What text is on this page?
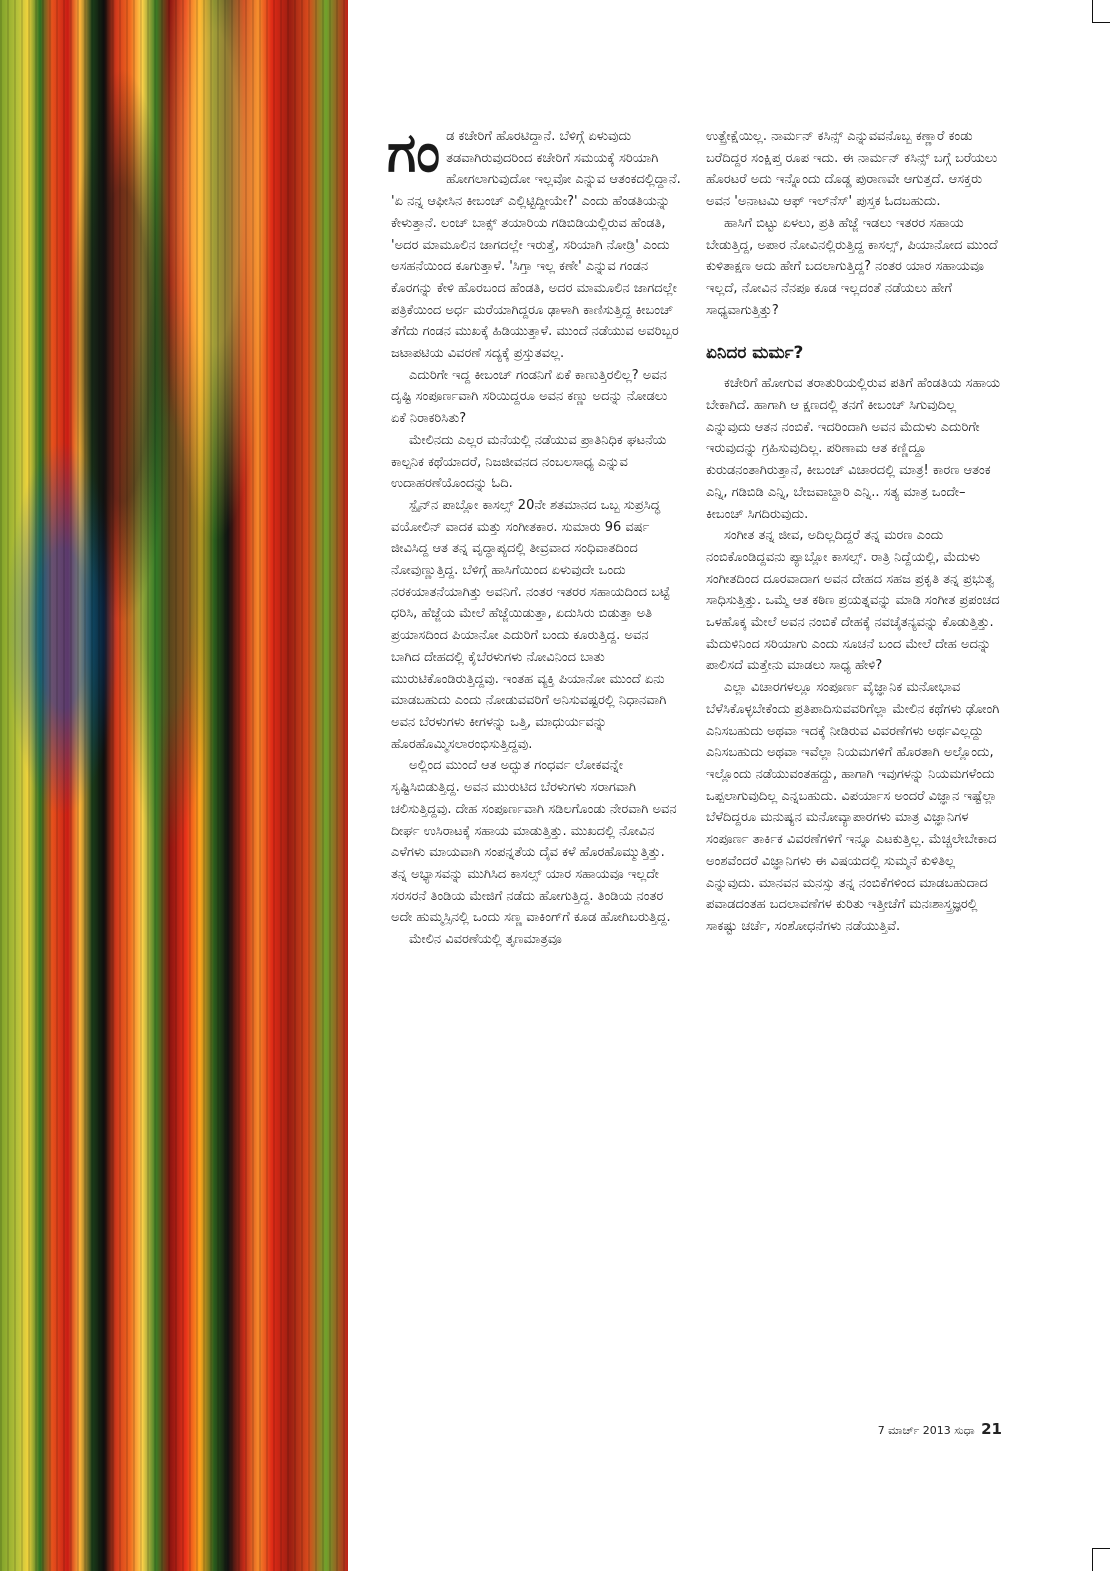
ಗಂಡ ಕಚೇರಿಗೆ ಹೊರಟಿದ್ದಾನೆ. ಬೆಳಿಗ್ಗೆ ಏಳುವುದು ತಡವಾಗಿರುವುದರಿಂದ ಕಚೇರಿಗೆ ಸಮಯಕ್ಕೆ ಸರಿಯಾಗಿ ಹೋಗಲಾಗುವುದೋ ಇಲ್ಲವೋ ಎನ್ನುವ ಆತಂಕದಲ್ಲಿದ್ದಾನೆ. 'ಏ ನನ್ನ ಆಫೀಸಿನ ಕೀಬಂಚ್ ಎಲ್ಲಿಟ್ಟಿದ್ದೀಯೇ?' ಎಂದು ಹೆಂಡತಿಯನ್ನು ಕೇಳುತ್ತಾನೆ. ಲಂಚ್ ಬಾಕ್ಸ್ ತಯಾರಿಯ ಗಡಿಬಿಡಿಯಲ್ಲಿರುವ ಹೆಂಡತಿ, 'ಅದರ ಮಾಮೂಲಿನ ಜಾಗದಲ್ಲೇ ಇರುತ್ತೆ, ಸರಿಯಾಗಿ ನೋಡ್ರಿ' ಎಂದು ಅಸಹನೆಯಿಂದ ಕೂಗುತ್ತಾಳೆ. 'ಸಿಗ್ತಾ ಇಲ್ಲ ಕಣೇ' ಎನ್ನುವ ಗಂಡನ ಕೊರಗನ್ನು ಕೇಳಿ ಹೊರಬಂದ ಹೆಂಡತಿ, ಅದರ ಮಾಮೂಲಿನ ಜಾಗದಲ್ಲೇ ಪತ್ರಿಕೆಯಿಂದ ಅರ್ಧ ಮರೆಯಾಗಿದ್ದರೂ ಢಾಳಾಗಿ ಕಾಣಿಸುತ್ತಿದ್ದ ಕೀಬಂಚ್ ತೆಗೆದು ಗಂಡನ ಮುಖಕ್ಕೆ ಹಿಡಿಯುತ್ತಾಳೆ. ಮುಂದೆ ನಡೆಯುವ ಅವರಿಬ್ಬರ ಜಟಾಪಟಿಯ ವಿವರಣೆ ಸದ್ಯಕ್ಕೆ ಪ್ರಸ್ತುತವಲ್ಲ.

ಎದುರಿಗೇ ಇದ್ದ ಕೀಬಂಚ್ ಗಂಡನಿಗೆ ಏಕೆ ಕಾಣುತ್ತಿರಲಿಲ್ಲ? ಅವನ ದೃಷ್ಟಿ ಸಂಪೂರ್ಣವಾಗಿ ಸರಿಯಿದ್ದರೂ ಅವನ ಕಣ್ಣು ಅದನ್ನು ನೋಡಲು ಏಕೆ ನಿರಾಕರಿಸಿತು?

ಮೇಲಿನದು ಎಲ್ಲರ ಮನೆಯಲ್ಲಿ ನಡೆಯುವ ಪ್ರಾತಿನಿಧಿಕ ಘಟನೆಯ ಕಾಲ್ಪನಿಕ ಕಥೆಯಾದರೆ, ನಿಜಜೀವನದ ನಂಬಲಸಾಧ್ಯ ಎನ್ನುವ ಉದಾಹರಣೆಯೊಂದನ್ನು ಓದಿ.

ಸ್ಪೈನ್‌ನ ಪಾಬ್ಲೋ ಕಾಸಲ್ಸ್ 20ನೇ ಶತಮಾನದ ಒಬ್ಬ ಸುಪ್ರಸಿದ್ಧ ವಯೋಲಿನ್ ವಾದಕ ಮತ್ತು ಸಂಗೀತಕಾರ. ಸುಮಾರು 96 ವರ್ಷ ಜೀವಿಸಿದ್ದ ಆತ ತನ್ನ ವೃದ್ಧಾಪ್ಯದಲ್ಲಿ ತೀವ್ರವಾದ ಸಂಧಿವಾತದಿಂದ ನೋವುಣ್ಣುತ್ತಿದ್ದ. ಬೆಳಿಗ್ಗೆ ಹಾಸಿಗೆಯಿಂದ ಏಳುವುದೇ ಒಂದು ನರಕಯಾತನೆಯಾಗಿತ್ತು ಅವನಿಗೆ. ನಂತರ ಇತರರ ಸಹಾಯದಿಂದ ಬಟ್ಟೆ ಧರಿಸಿ, ಹೆಜ್ಜೆಯ ಮೇಲೆ ಹೆಜ್ಜೆಯಿಡುತ್ತಾ, ಏದುಸಿರು ಬಿಡುತ್ತಾ ಅತಿ ಪ್ರಯಾಸದಿಂದ ಪಿಯಾನೋ ಎದುರಿಗೆ ಬಂದು ಕೂರುತ್ತಿದ್ದ. ಅವನ ಬಾಗಿದ ದೇಹದಲ್ಲಿ ಕೈಬೆರಳುಗಳು ನೋವಿನಿಂದ ಬಾತು ಮುರುಟಿಕೊಂಡಿರುತ್ತಿದ್ದವು. ಇಂತಹ ವ್ಯಕ್ತಿ ಪಿಯಾನೋ ಮುಂದೆ ಏನು ಮಾಡಬಹುದು ಎಂದು ನೋಡುವವರಿಗೆ ಅನಿಸುವಷ್ಟರಲ್ಲಿ ನಿಧಾನವಾಗಿ ಅವನ ಬೆರಳುಗಳು ಕೀಗಳನ್ನು ಒತ್ತಿ, ಮಾಧುರ್ಯವನ್ನು ಹೊರಹೊಮ್ಮಿಸಲಾರಂಭಿಸುತ್ತಿದ್ದವು.

ಅಲ್ಲಿಂದ ಮುಂದೆ ಆತ ಅದ್ಭುತ ಗಂಧರ್ವ ಲೋಕವನ್ನೇ ಸೃಷ್ಟಿಸಿಬಿಡುತ್ತಿದ್ದ. ಅವನ ಮುರುಟಿದ ಬೆರಳುಗಳು ಸರಾಗವಾಗಿ ಚಲಿಸುತ್ತಿದ್ದವು. ದೇಹ ಸಂಪೂರ್ಣವಾಗಿ ಸಡಿಲಗೊಂಡು ನೇರವಾಗಿ ಅವನ ದೀರ್ಘ ಉಸಿರಾಟಕ್ಕೆ ಸಹಾಯ ಮಾಡುತ್ತಿತ್ತು. ಮುಖದಲ್ಲಿ ನೋವಿನ ಎಳೆಗಳು ಮಾಯವಾಗಿ ಸಂಪನ್ನತೆಯ ದೈವ ಕಳೆ ಹೊರಹೊಮ್ಮುತ್ತಿತ್ತು. ತನ್ನ ಅಭ್ಯಾಸವನ್ನು ಮುಗಿಸಿದ ಕಾಸಲ್ಸ್ ಯಾರ ಸಹಾಯವೂ ಇಲ್ಲದೇ ಸರಸರನೆ ತಿಂಡಿಯ ಮೇಜಿಗೆ ನಡೆದು ಹೋಗುತ್ತಿದ್ದ. ತಿಂಡಿಯ ನಂತರ ಅದೇ ಹುಮ್ಮಸ್ಸಿನಲ್ಲಿ ಒಂದು ಸಣ್ಣ ವಾಕಿಂಗ್‌ಗೆ ಕೂಡ ಹೋಗಿಬರುತ್ತಿದ್ದ.

ಮೇಲಿನ ವಿವರಣೆಯಲ್ಲಿ ತೃಣಮಾತ್ರವೂ

ಉತ್ಪ್ರೇಕ್ಷೆಯಿಲ್ಲ. ನಾರ್ಮನ್ ಕಸಿನ್ಸ್ ಎನ್ನುವವನೊಬ್ಬ ಕಣ್ಣಾರೆ ಕಂಡು ಬರೆದಿದ್ದರ ಸಂಕ್ಷಿಪ್ತ ರೂಪ ಇದು. ಈ ನಾರ್ಮನ್ ಕಸಿನ್ಸ್ ಬಗ್ಗೆ ಬರೆಯಲು ಹೊರಟರೆ ಅದು ಇನ್ನೊಂದು ದೊಡ್ಡ ಪುರಾಣವೇ ಆಗುತ್ತದೆ. ಆಸಕ್ತರು ಅವನ 'ಅನಾಟಮಿ ಆಫ್ ಇಲ್‌ನೆಸ್' ಪುಸ್ತಕ ಓದಬಹುದು.

ಹಾಸಿಗೆ ಬಿಟ್ಟು ಏಳಲು, ಪ್ರತಿ ಹೆಜ್ಜೆ ಇಡಲು ಇತರರ ಸಹಾಯ ಬೇಡುತ್ತಿದ್ದ, ಅಪಾರ ನೋವಿನಲ್ಲಿರುತ್ತಿದ್ದ ಕಾಸಲ್ಸ್, ಪಿಯಾನೋದ ಮುಂದೆ ಕುಳಿತಾಕ್ಷಣ ಅದು ಹೇಗೆ ಬದಲಾಗುತ್ತಿದ್ದ? ನಂತರ ಯಾರ ಸಹಾಯವೂ ಇಲ್ಲದೆ, ನೋವಿನ ನೆನಪೂ ಕೂಡ ಇಲ್ಲದಂತೆ ನಡೆಯಲು ಹೇಗೆ ಸಾಧ್ಯವಾಗುತ್ತಿತ್ತು?

ಏನಿದರ ಮರ್ಮ?

ಕಚೇರಿಗೆ ಹೋಗುವ ತರಾತುರಿಯಲ್ಲಿರುವ ಪತಿಗೆ ಹೆಂಡತಿಯ ಸಹಾಯ ಬೇಕಾಗಿದೆ. ಹಾಗಾಗಿ ಆ ಕ್ಷಣದಲ್ಲಿ ತನಗೆ ಕೀಬಂಚ್ ಸಿಗುವುದಿಲ್ಲ ಎನ್ನುವುದು ಆತನ ನಂಬಿಕೆ. ಇದರಿಂದಾಗಿ ಅವನ ಮೆದುಳು ಎದುರಿಗೇ ಇರುವುದನ್ನು ಗ್ರಹಿಸುವುದಿಲ್ಲ. ಪರಿಣಾಮ ಆತ ಕಣ್ಣಿದ್ದೂ ಕುರುಡನಂತಾಗಿರುತ್ತಾನೆ, ಕೀಬಂಚ್ ವಿಚಾರದಲ್ಲಿ ಮಾತ್ರ! ಕಾರಣ ಆತಂಕ ಎನ್ನಿ, ಗಡಿಬಿಡಿ ಎನ್ನಿ, ಬೇಜವಾಬ್ದಾರಿ ಎನ್ನಿ.. ಸತ್ಯ ಮಾತ್ರ ಒಂದೇ– ಕೀಬಂಚ್ ಸಿಗದಿರುವುದು.

ಸಂಗೀತ ತನ್ನ ಜೀವ, ಅದಿಲ್ಲದಿದ್ದರೆ ತನ್ನ ಮರಣ ಎಂದು ನಂಬಿಕೊಂಡಿದ್ದವನು ಪ್ಯಾಬ್ಲೋ ಕಾಸಲ್ಸ್. ರಾತ್ರಿ ನಿದ್ದೆಯಲ್ಲಿ, ಮೆದುಳು ಸಂಗೀತದಿಂದ ದೂರವಾದಾಗ ಅವನ ದೇಹದ ಸಹಜ ಪ್ರಕೃತಿ ತನ್ನ ಪ್ರಭುತ್ವ ಸಾಧಿಸುತ್ತಿತ್ತು. ಒಮ್ಮೆ ಆತ ಕಠಿಣ ಪ್ರಯತ್ನವನ್ನು ಮಾಡಿ ಸಂಗೀತ ಪ್ರಪಂಚದ ಒಳಹೊಕ್ಕ ಮೇಲೆ ಅವನ ನಂಬಿಕೆ ದೇಹಕ್ಕೆ ನವಚೈತನ್ಯವನ್ನು ಕೊಡುತ್ತಿತ್ತು. ಮೆದುಳಿನಿಂದ ಸರಿಯಾಗು ಎಂದು ಸೂಚನೆ ಬಂದ ಮೇಲೆ ದೇಹ ಅದನ್ನು ಪಾಲಿಸದೆ ಮತ್ತೇನು ಮಾಡಲು ಸಾಧ್ಯ ಹೇಳಿ?

ಎಲ್ಲಾ ವಿಚಾರಗಳಲ್ಲೂ ಸಂಪೂರ್ಣ ವೈಜ್ಞಾನಿಕ ಮನೋಭಾವ ಬೆಳೆಸಿಕೊಳ್ಳಬೇಕೆಂದು ಪ್ರತಿಪಾದಿಸುವವರಿಗೆಲ್ಲಾ ಮೇಲಿನ ಕಥೆಗಳು ಢೋಂಗಿ ಎನಿಸಬಹುದು ಅಥವಾ ಇದಕ್ಕೆ ನೀಡಿರುವ ವಿವರಣೆಗಳು ಅರ್ಥವಿಲ್ಲದ್ದು ಎನಿಸಬಹುದು ಅಥವಾ ಇವೆಲ್ಲಾ ನಿಯಮಗಳಿಗೆ ಹೊರತಾಗಿ ಅಲ್ಲೊಂದು, ಇಲ್ಲೊಂದು ನಡೆಯುವಂತಹದ್ದು, ಹಾಗಾಗಿ ಇವುಗಳನ್ನು ನಿಯಮಗಳೆಂದು ಒಪ್ಪಲಾಗುವುದಿಲ್ಲ ಎನ್ನಬಹುದು. ವಿಪರ್ಯಾಸ ಅಂದರೆ ವಿಜ್ಞಾನ ಇಷ್ಟೆಲ್ಲಾ ಬೆಳೆದಿದ್ದರೂ ಮನುಷ್ಯನ ಮನೋವ್ಯಾಪಾರಗಳು ಮಾತ್ರ ವಿಜ್ಞಾನಿಗಳ ಸಂಪೂರ್ಣ ತಾರ್ಕಿಕ ವಿವರಣೆಗಳಿಗೆ ಇನ್ನೂ ಎಟಕುತ್ತಿಲ್ಲ. ಮೆಚ್ಚಲೇಬೇಕಾದ ಅಂಶವೆಂದರೆ ವಿಜ್ಞಾನಿಗಳು ಈ ವಿಷಯದಲ್ಲಿ ಸುಮ್ಮನೆ ಕುಳಿತಿಲ್ಲ ಎನ್ನುವುದು. ಮಾನವನ ಮನಸ್ಸು ತನ್ನ ನಂಬಿಕೆಗಳಿಂದ ಮಾಡಬಹುದಾದ ಪವಾಡದಂತಹ ಬದಲಾವಣೆಗಳ ಕುರಿತು ಇತ್ತೀಚೆಗೆ ಮನಃಶಾಸ್ತ್ರಜ್ಞರಲ್ಲಿ ಸಾಕಷ್ಟು ಚರ್ಚೆ, ಸಂಶೋಧನೆಗಳು ನಡೆಯುತ್ತಿವೆ.

7 ಮಾರ್ಚ್ 2013 ಸುಧಾ 21
